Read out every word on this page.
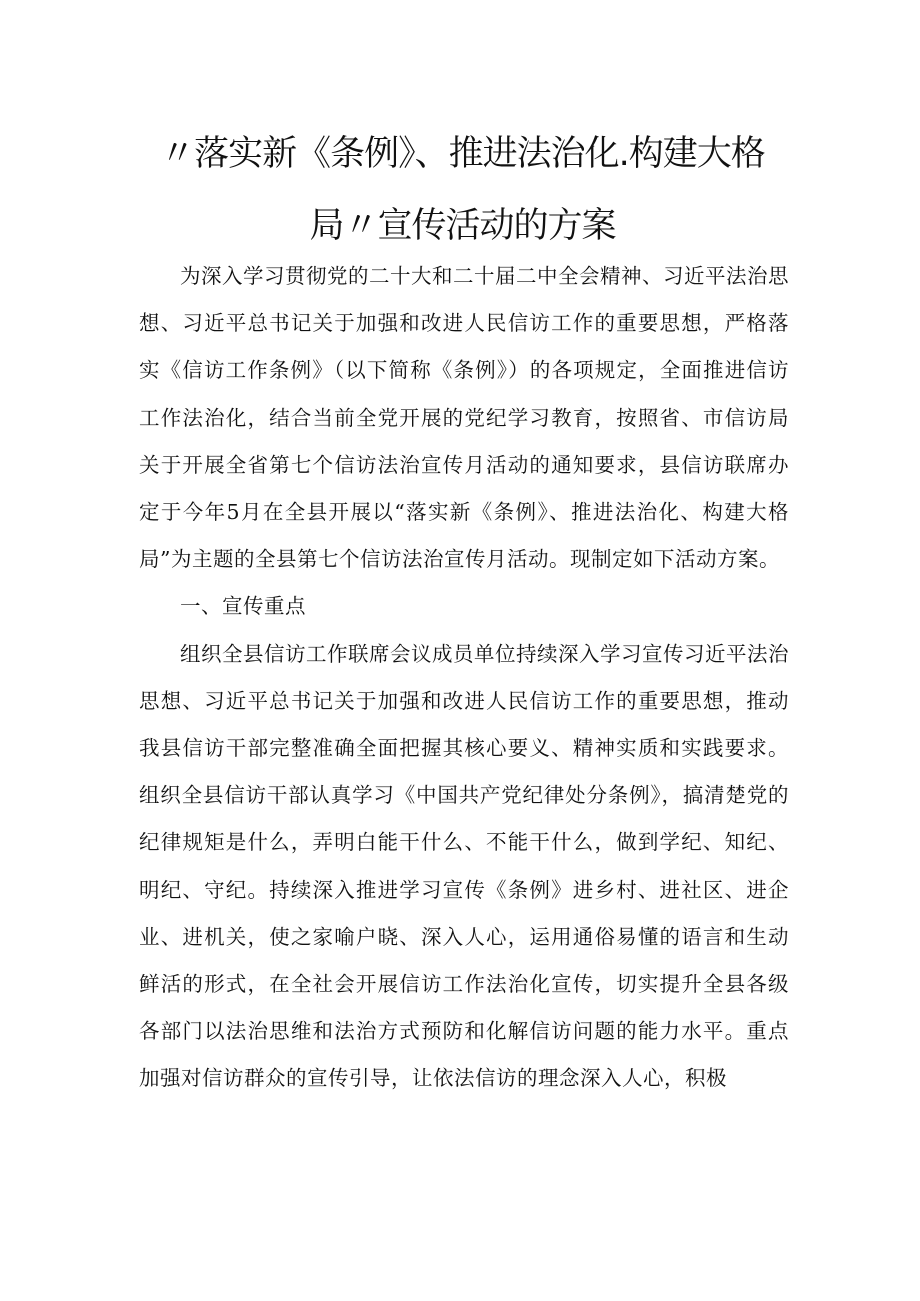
〃落实新《条例》、推进法治化.构建大格
局〃宣传活动的方案

为深入学习贯彻党的二十大和二十届二中全会精神、习近平法治思想、习近平总书记关于加强和改进人民信访工作的重要思想，严格落实《信访工作条例》（以下简称《条例》）的各项规定，全面推进信访工作法治化，结合当前全党开展的党纪学习教育，按照省、市信访局关于开展全省第七个信访法治宣传月活动的通知要求，县信访联席办定于今年5月在全县开展以“落实新《条例》、推进法治化、构建大格局”为主题的全县第七个信访法治宣传月活动。现制定如下活动方案。

一、宣传重点

组织全县信访工作联席会议成员单位持续深入学习宣传习近平法治思想、习近平总书记关于加强和改进人民信访工作的重要思想，推动我县信访干部完整准确全面把握其核心要义、精神实质和实践要求。组织全县信访干部认真学习《中国共产党纪律处分条例》，搞清楚党的纪律规矩是什么，弄明白能干什么、不能干什么，做到学纪、知纪、明纪、守纪。持续深入推进学习宣传《条例》进乡村、进社区、进企业、进机关，使之家喻户晓、深入人心，运用通俗易懂的语言和生动鲜活的形式，在全社会开展信访工作法治化宣传，切实提升全县各级各部门以法治思维和法治方式预防和化解信访问题的能力水平。重点加强对信访群众的宣传引导，让依法信访的理念深入人心，积极
